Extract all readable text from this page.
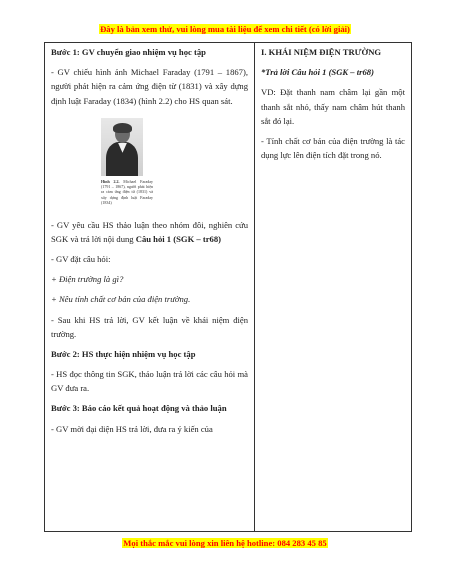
Đây là bản xem thử, vui lòng mua tài liệu để xem chi tiết (có lời giải)

Bước 1: GV chuyển giao nhiệm vụ học tập

- GV chiếu hình ảnh Michael Faraday (1791 – 1867), người phát hiện ra cảm ứng điện từ (1831) và xây dựng định luật Faraday (1834) (hình 2.2) cho HS quan sát.

Hình 2.2. Michael Faraday (1791 – 1867), người phát hiện ra cảm ứng điện từ (1831) và xây dựng định luật Faraday (1834)

- GV yêu cầu HS thảo luận theo nhóm đôi, nghiên cứu SGK và trả lời nội dung Câu hỏi 1 (SGK – tr68)

- GV đặt câu hỏi:

+ Điện trường là gì?

+ Nêu tính chất cơ bản của điện trường.

- Sau khi HS trả lời, GV kết luận về khái niệm điện trường.

Bước 2: HS thực hiện nhiệm vụ học tập

- HS đọc thông tin SGK, thảo luận trả lời các câu hỏi mà GV đưa ra.

Bước 3: Báo cáo kết quả hoạt động và thảo luận

- GV mời đại diện HS trả lời, đưa ra ý kiến của

I. KHÁI NIỆM ĐIỆN TRƯỜNG

*Trả lời Câu hỏi 1 (SGK – tr68)

VD: Đặt thanh nam châm lại gần một thanh sắt nhỏ, thấy nam châm hút thanh sắt đó lại.

- Tính chất cơ bản của điện trường là tác dụng lực lên điện tích đặt trong nó.

Mọi thắc mắc vui lòng xin liên hệ hotline: 084 283 45 85
